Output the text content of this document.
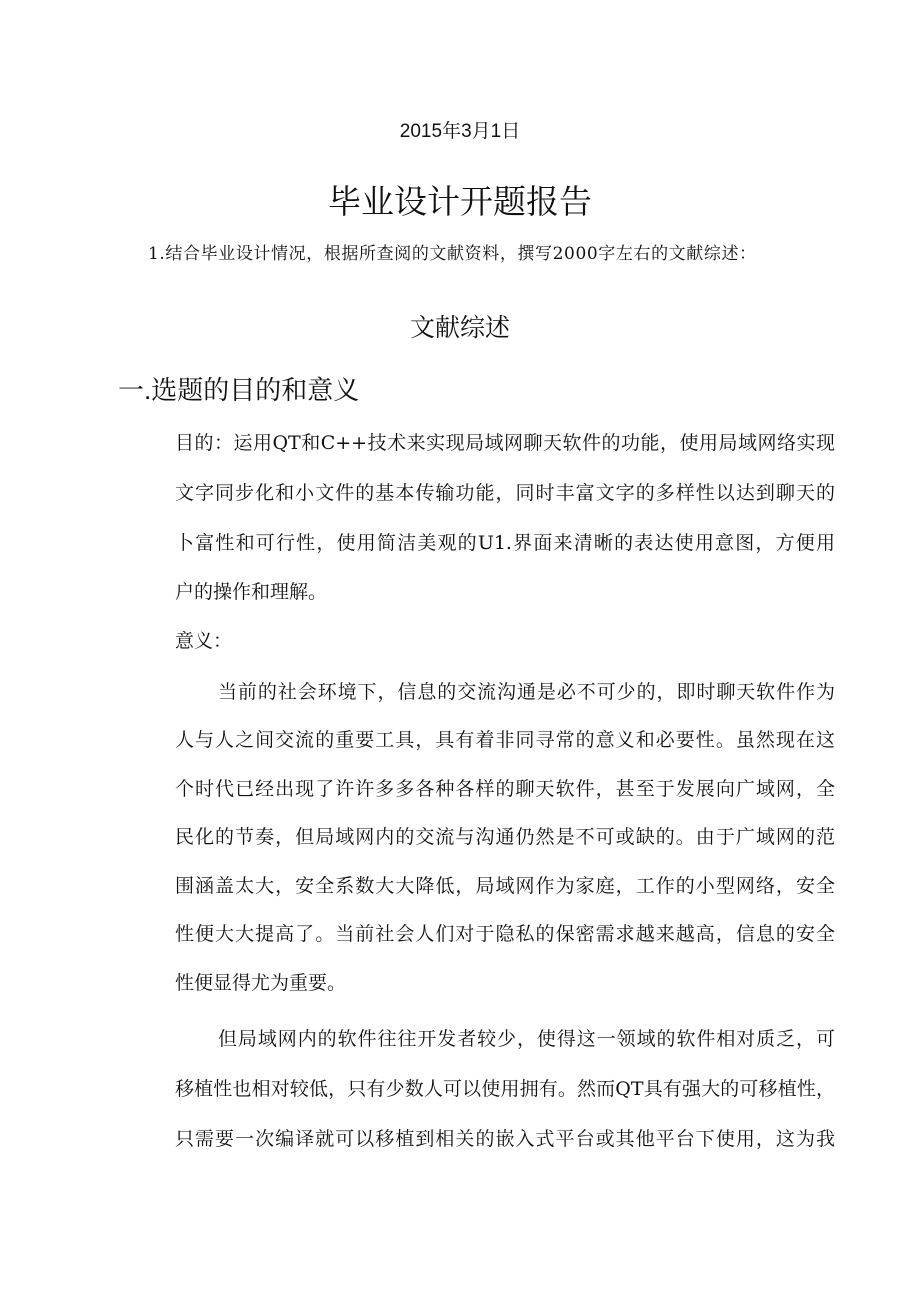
2015年3月1日
毕业设计开题报告
1.结合毕业设计情况，根据所查阅的文献资料，撰写2000字左右的文献综述：
文献综述
一.选题的目的和意义
目的：运用QT和C++技术来实现局域网聊天软件的功能，使用局域网络实现
文字同步化和小文件的基本传输功能，同时丰富文字的多样性以达到聊天的
卜富性和可行性，使用简洁美观的U1.界面来清晰的表达使用意图，方便用
户的操作和理解。
意义：
当前的社会环境下，信息的交流沟通是必不可少的，即时聊天软件作为
人与人之间交流的重要工具，具有着非同寻常的意义和必要性。虽然现在这
个时代已经出现了许许多多各种各样的聊天软件，甚至于发展向广域网，全
民化的节奏，但局域网内的交流与沟通仍然是不可或缺的。由于广域网的范
围涵盖太大，安全系数大大降低，局域网作为家庭，工作的小型网络，安全
性便大大提高了。当前社会人们对于隐私的保密需求越来越高，信息的安全
性便显得尤为重要。
但局域网内的软件往往开发者较少，使得这一领域的软件相对质乏，可
移植性也相对较低，只有少数人可以使用拥有。然而QT具有强大的可移植性，
只需要一次编译就可以移植到相关的嵌入式平台或其他平台下使用，这为我
